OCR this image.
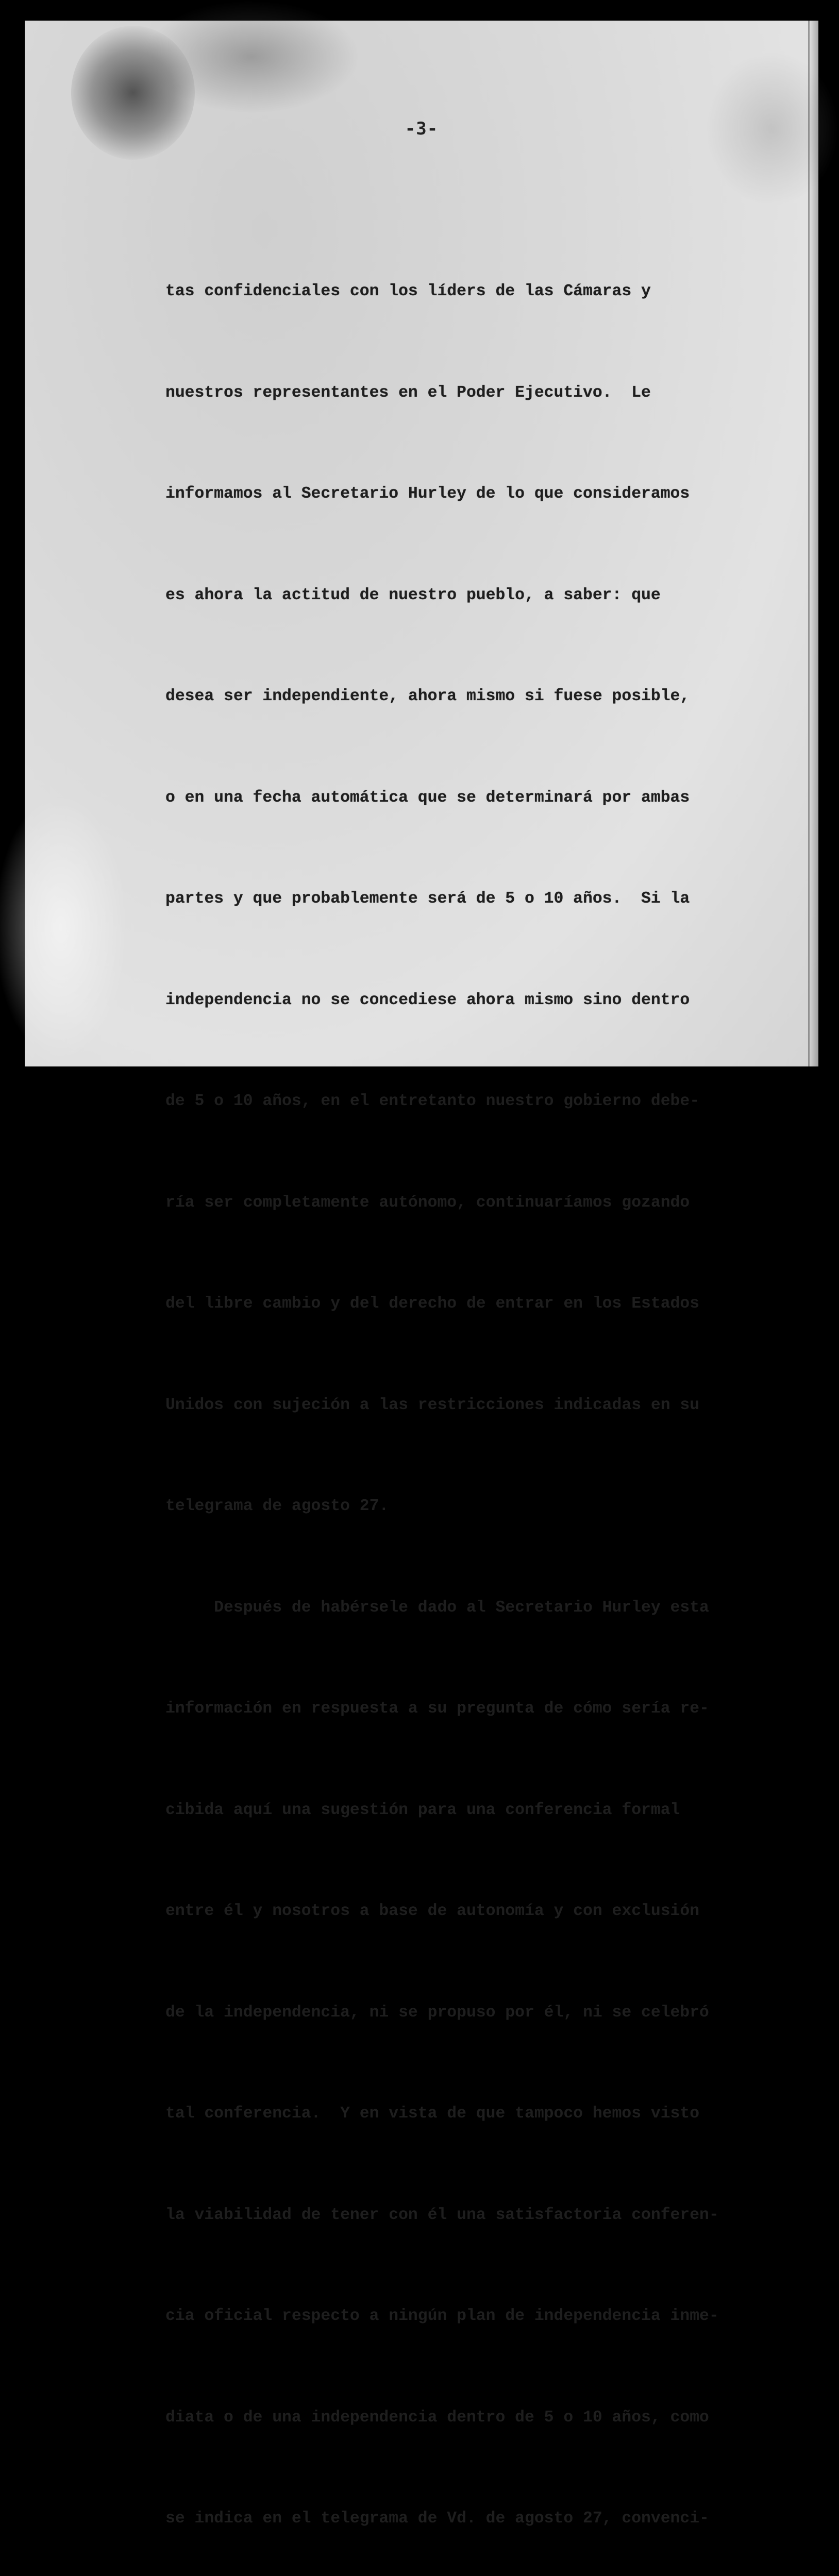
-3-

tas confidenciales con los líders de las Cámaras y

nuestros representantes en el Poder Ejecutivo.  Le

informamos al Secretario Hurley de lo que consideramos

es ahora la actitud de nuestro pueblo, a saber: que

desea ser independiente, ahora mismo si fuese posible,

o en una fecha automática que se determinará por ambas

partes y que probablemente será de 5 o 10 años.  Si la

independencia no se concediese ahora mismo sino dentro

de 5 o 10 años, en el entretanto nuestro gobierno debe-

ría ser completamente autónomo, continuaríamos gozando

del libre cambio y del derecho de entrar en los Estados

Unidos con sujeción a las restricciones indicadas en su

telegrama de agosto 27.

Después de habérsele dado al Secretario Hurley esta

información en respuesta a su pregunta de cómo sería re-

cibida aquí una sugestión para una conferencia formal

entre él y nosotros a base de autonomía y con exclusión

de la independencia, ni se propuso por él, ni se celebró

tal conferencia.  Y en vista de que tampoco hemos visto

la viabilidad de tener con él una satisfactoria conferen-

cia oficial respecto a ningún plan de independencia inme-

diata o de una independencia dentro de 5 o 10 años, como

se indica en el telegrama de Vd. de agosto 27, convenci-
